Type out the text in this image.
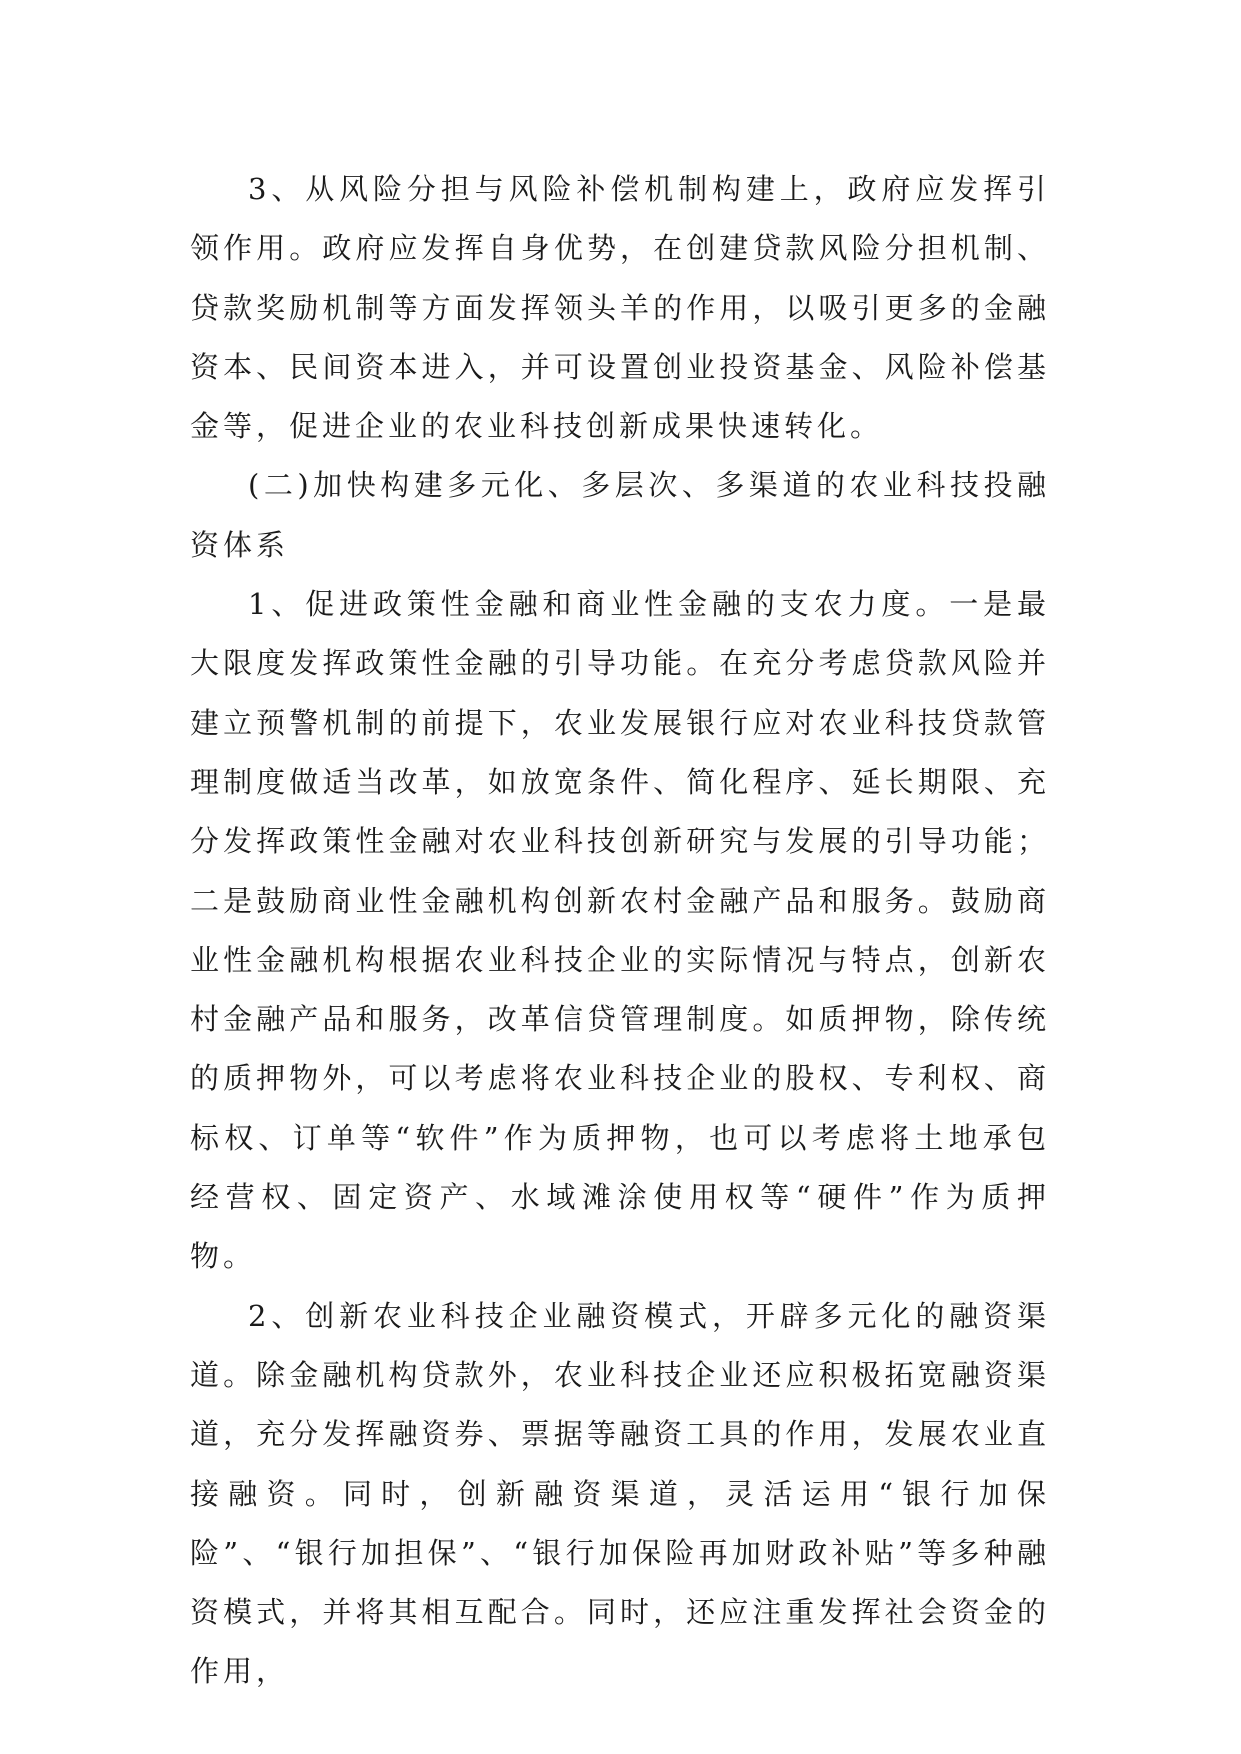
3、从风险分担与风险补偿机制构建上，政府应发挥引领作用。政府应发挥自身优势，在创建贷款风险分担机制、贷款奖励机制等方面发挥领头羊的作用，以吸引更多的金融资本、民间资本进入，并可设置创业投资基金、风险补偿基金等，促进企业的农业科技创新成果快速转化。

(二)加快构建多元化、多层次、多渠道的农业科技投融资体系

1、促进政策性金融和商业性金融的支农力度。一是最大限度发挥政策性金融的引导功能。在充分考虑贷款风险并建立预警机制的前提下，农业发展银行应对农业科技贷款管理制度做适当改革，如放宽条件、简化程序、延长期限、充分发挥政策性金融对农业科技创新研究与发展的引导功能；二是鼓励商业性金融机构创新农村金融产品和服务。鼓励商业性金融机构根据农业科技企业的实际情况与特点，创新农村金融产品和服务，改革信贷管理制度。如质押物，除传统的质押物外，可以考虑将农业科技企业的股权、专利权、商标权、订单等“软件”作为质押物，也可以考虑将土地承包经营权、固定资产、水域滩涂使用权等“硬件”作为质押物。

2、创新农业科技企业融资模式，开辟多元化的融资渠道。除金融机构贷款外，农业科技企业还应积极拓宽融资渠道，充分发挥融资券、票据等融资工具的作用，发展农业直接融资。同时，创新融资渠道，灵活运用“银行加保险”、“银行加担保”、“银行加保险再加财政补贴”等多种融资模式，并将其相互配合。同时，还应注重发挥社会资金的作用，
